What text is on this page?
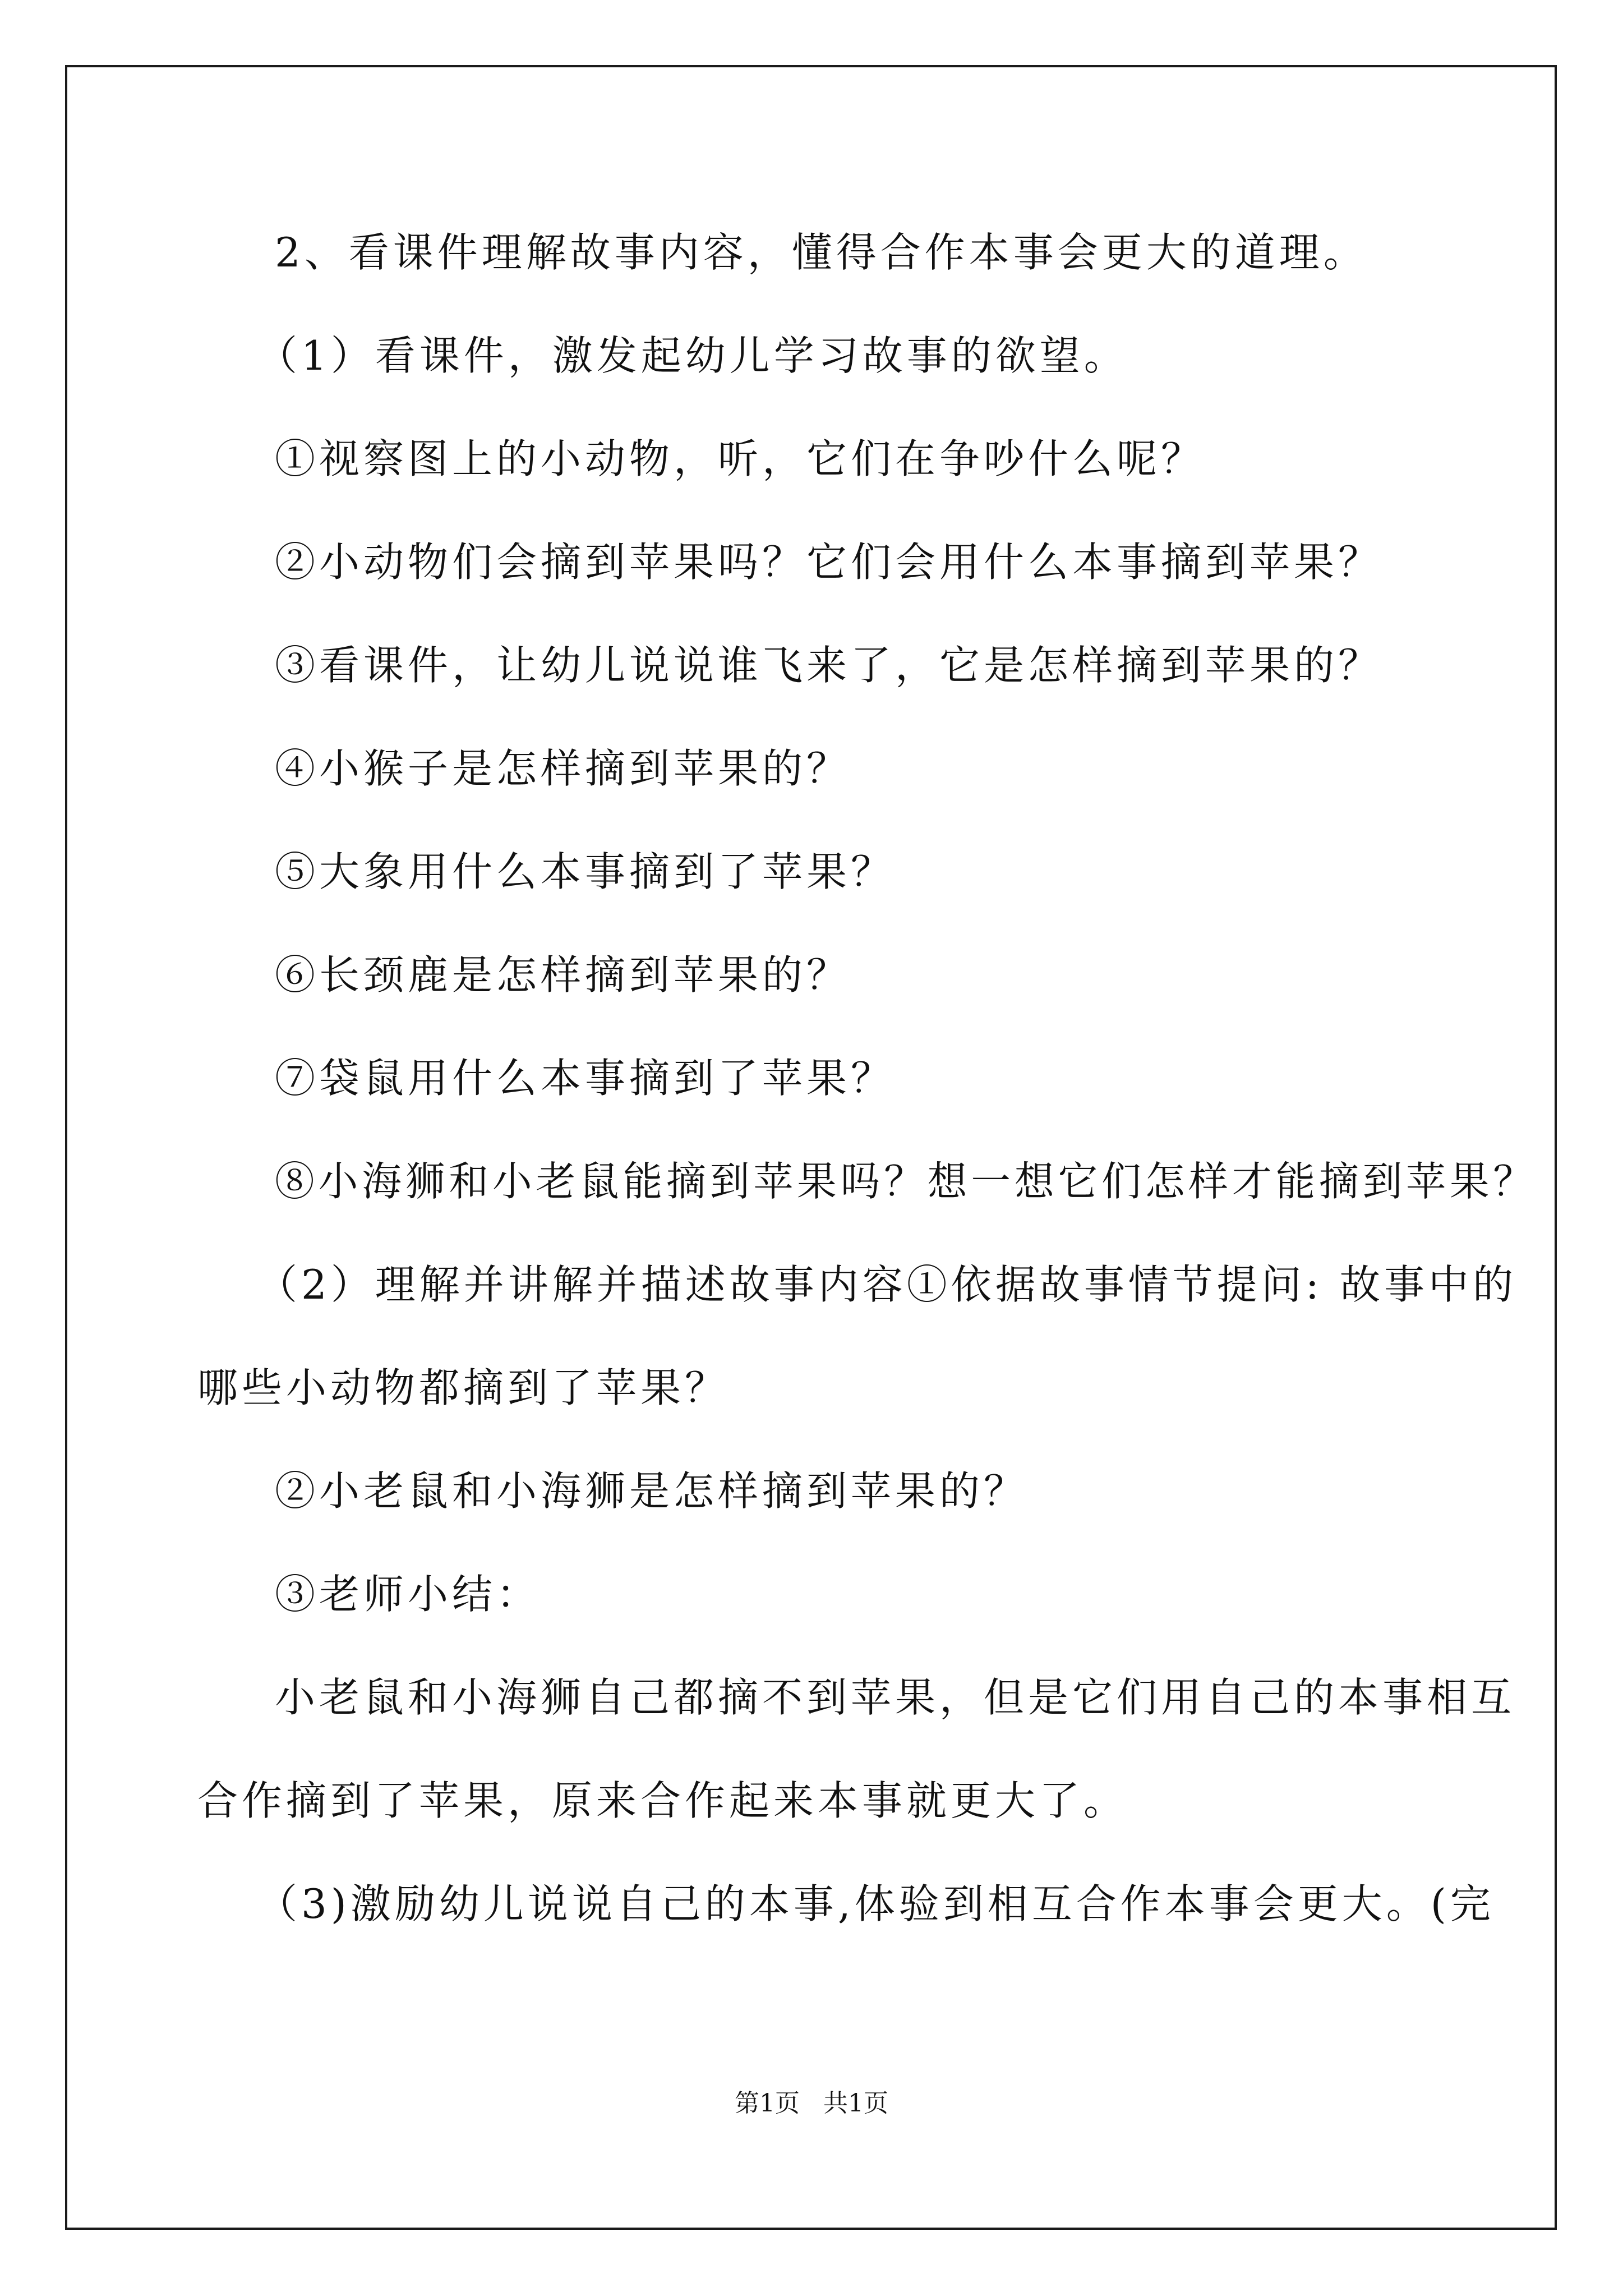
2、看课件理解故事内容，懂得合作本事会更大的道理。
（1）看课件，激发起幼儿学习故事的欲望。
①视察图上的小动物，听，它们在争吵什么呢？
②小动物们会摘到苹果吗？它们会用什么本事摘到苹果？
③看课件，让幼儿说说谁飞来了，它是怎样摘到苹果的？
④小猴子是怎样摘到苹果的？
⑤大象用什么本事摘到了苹果？
⑥长颈鹿是怎样摘到苹果的？
⑦袋鼠用什么本事摘到了苹果？
⑧小海狮和小老鼠能摘到苹果吗？想一想它们怎样才能摘到苹果？
（2）理解并讲解并描述故事内容①依据故事情节提问: 故事中的
哪些小动物都摘到了苹果？
②小老鼠和小海狮是怎样摘到苹果的？
③老师小结：
小老鼠和小海狮自己都摘不到苹果，但是它们用自己的本事相互
合作摘到了苹果，原来合作起来本事就更大了。
（3)激励幼儿说说自己的本事,体验到相互合作本事会更大。(完
第1页   共1页
